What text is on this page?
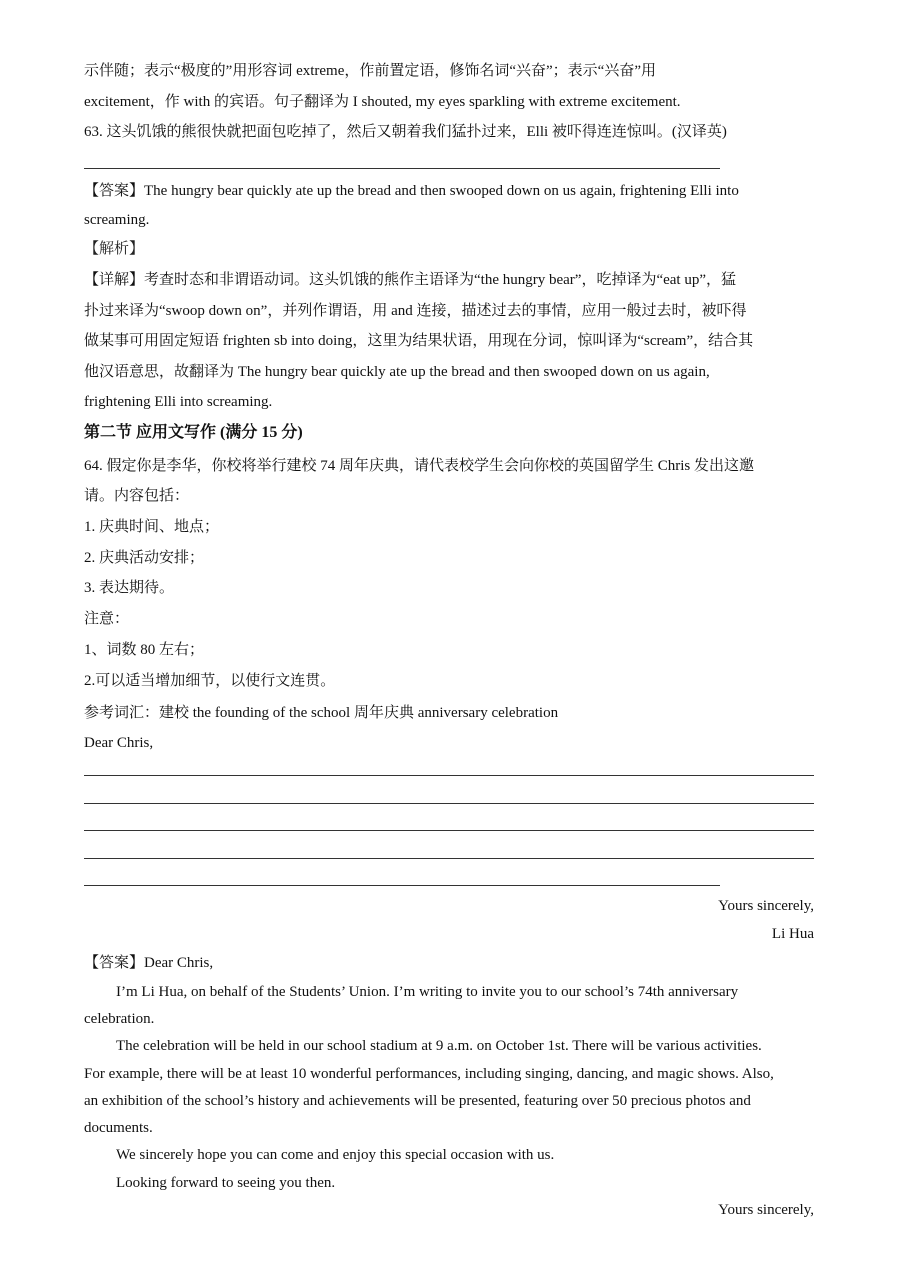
示伴随；表示“极度的”用形容词 extreme，作前置定语，修饰名词“兴奋”；表示“兴奋”用
excitement，作 with 的宾语。句子翻译为 I shouted, my eyes sparkling with extreme excitement.
63. 这头饥饿的熊很快就把面包吃掉了，然后又朝着我们猛扑过来，Elli 被吓得连连惊叫。(汉译英)
【答案】The hungry bear quickly ate up the bread and then swooped down on us again, frightening Elli into
screaming.
【解析】
【详解】考查时态和非谓语动词。这头饥饿的熊作主语译为“the hungry bear”，吃掉译为“eat up”，猛
扑过来译为“swoop down on”，并列作谓语，用 and 连接，描述过去的事情，应用一般过去时，被吓得
做某事可用固定短语 frighten sb into doing，这里为结果状语，用现在分词，惊叫译为“scream”，结合其
他汉语意思，故翻译为 The hungry bear quickly ate up the bread and then swooped down on us again,
frightening Elli into screaming.
第二节 应用文写作 (满分 15 分)
64. 假定你是李华，你校将举行建校 74 周年庆典，请代表校学生会向你校的英国留学生 Chris 发出这邀
请。内容包括：
1. 庆典时间、地点；
2. 庆典活动安排；
3. 表达期待。
注意：
1、词数 80 左右；
2.可以适当增加细节，以使行文连贯。
参考词汇：建校 the founding of the school 周年庆典 anniversary celebration
Dear Chris,
Yours sincerely,
Li Hua
【答案】Dear Chris,
I’m Li Hua, on behalf of the Students’ Union. I’m writing to invite you to our school’s 74th anniversary
celebration.
The celebration will be held in our school stadium at 9 a.m. on October 1st. There will be various activities.
For example, there will be at least 10 wonderful performances, including singing, dancing, and magic shows. Also,
an exhibition of the school’s history and achievements will be presented, featuring over 50 precious photos and
documents.
We sincerely hope you can come and enjoy this special occasion with us.
Looking forward to seeing you then.
Yours sincerely,
